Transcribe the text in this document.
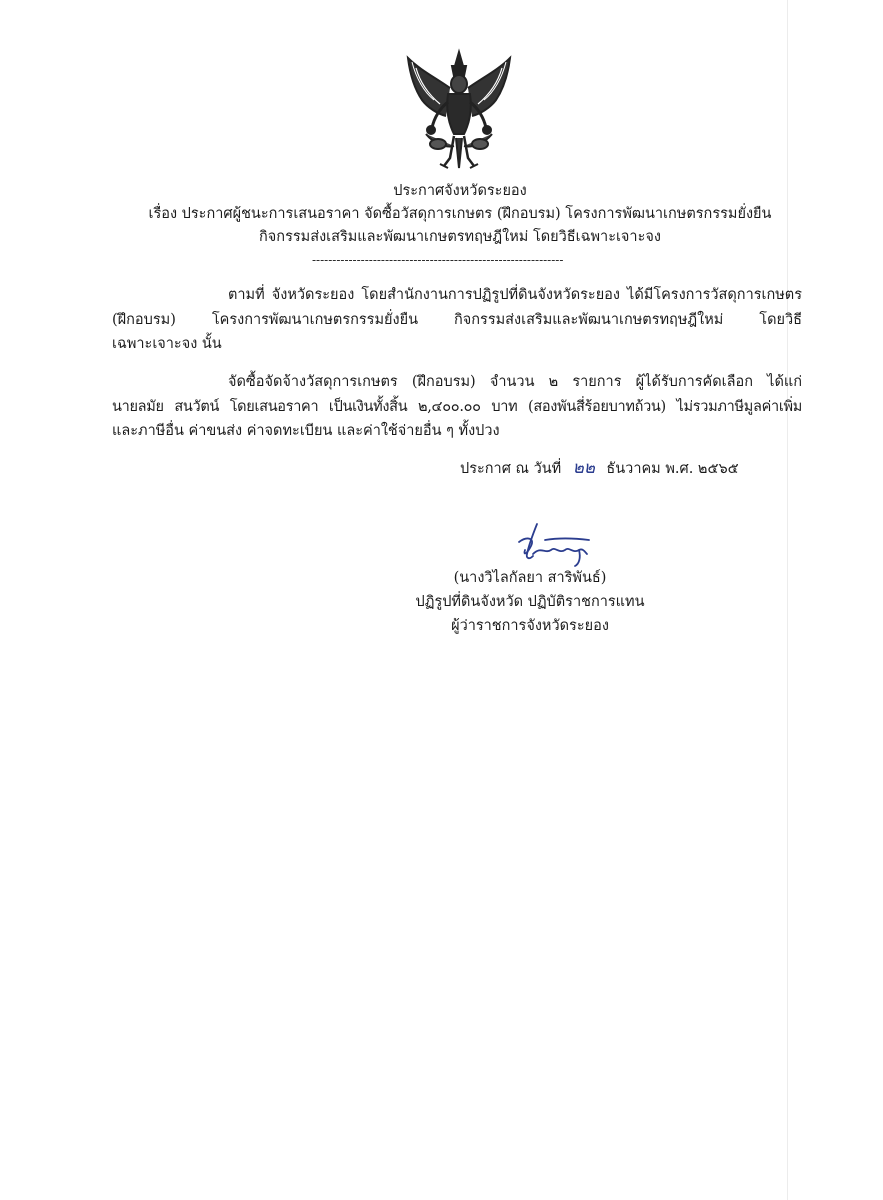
ประกาศจังหวัดระยอง
เรื่อง ประกาศผู้ชนะการเสนอราคา จัดซื้อวัสดุการเกษตร (ฝึกอบรม) โครงการพัฒนาเกษตรกรรมยั่งยืน
กิจกรรมส่งเสริมและพัฒนาเกษตรทฤษฎีใหม่ โดยวิธีเฉพาะเจาะจง
--------------------------------------------------------------
ตามที่ จังหวัดระยอง โดยสำนักงานการปฏิรูปที่ดินจังหวัดระยอง ได้มีโครงการวัสดุการเกษตร
(ฝึกอบรม) โครงการพัฒนาเกษตรกรรมยั่งยืน กิจกรรมส่งเสริมและพัฒนาเกษตรทฤษฎีใหม่ โดยวิธี
เฉพาะเจาะจง นั้น
จัดซื้อจัดจ้างวัสดุการเกษตร (ฝึกอบรม) จำนวน ๒ รายการ ผู้ได้รับการคัดเลือก ได้แก่
นายลมัย สนวัตน์ โดยเสนอราคา เป็นเงินทั้งสิ้น ๒,๔๐๐.๐๐ บาท (สองพันสี่ร้อยบาทถ้วน) ไม่รวมภาษีมูลค่าเพิ่ม
และภาษีอื่น ค่าขนส่ง ค่าจดทะเบียน และค่าใช้จ่ายอื่น ๆ ทั้งปวง
ประกาศ ณ วันที่ ๒๒ ธันวาคม พ.ศ. ๒๕๖๕
(นางวิไลกัลยา สาริพันธ์)
ปฏิรูปที่ดินจังหวัด ปฏิบัติราชการแทน
ผู้ว่าราชการจังหวัดระยอง
